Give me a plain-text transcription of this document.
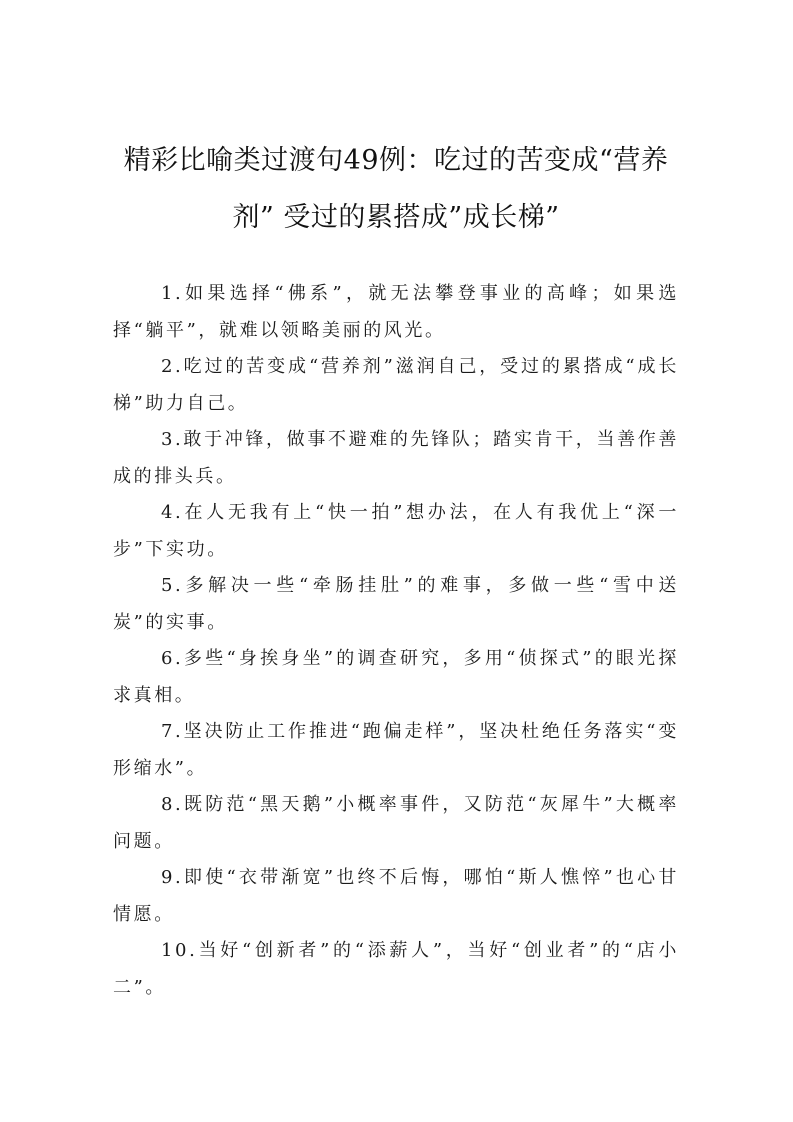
精彩比喻类过渡句49例：吃过的苦变成“营养剂” 受过的累搭成”成长梯”

1.如果选择“佛系”，就无法攀登事业的高峰；如果选择“躺平”，就难以领略美丽的风光。

2.吃过的苦变成“营养剂”滋润自己，受过的累搭成“成长梯”助力自己。

3.敢于冲锋，做事不避难的先锋队；踏实肯干，当善作善成的排头兵。

4.在人无我有上“快一拍”想办法，在人有我优上“深一步”下实功。

5.多解决一些“牵肠挂肚”的难事，多做一些“雪中送炭”的实事。

6.多些“身挨身坐”的调查研究，多用“侦探式”的眼光探求真相。

7.坚决防止工作推进“跑偏走样”，坚决杜绝任务落实“变形缩水”。

8.既防范“黑天鹅”小概率事件，又防范“灰犀牛”大概率问题。

9.即使“衣带渐宽”也终不后悔，哪怕“斯人憔悴”也心甘情愿。

10.当好“创新者”的“添薪人”，当好“创业者”的“店小二”。
